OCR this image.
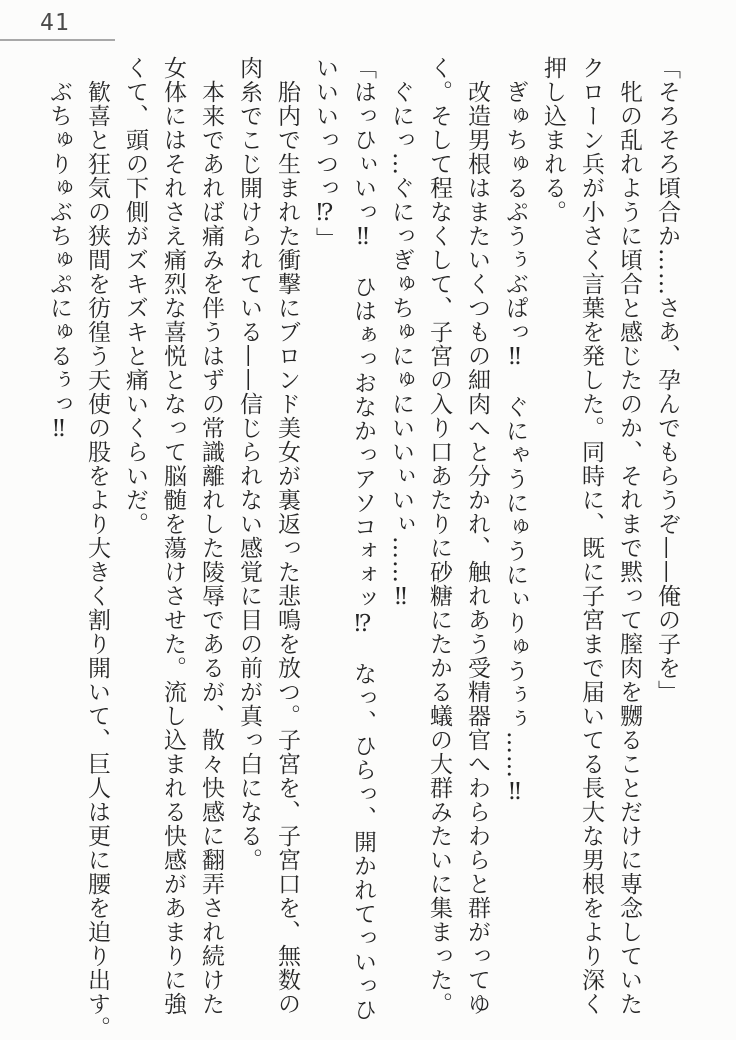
41
「そろそろ頃合か……さあ、孕んでもらうぞ——俺の子を」
　牝の乱れように頃合と感じたのか、それまで黙って膣肉を嬲ることだけに専念していた
クローン兵が小さく言葉を発した。同時に、既に子宮まで届いてる長大な男根をより深く
押し込まれる。
　ぎゅちゅるぷうぅぶぱっ‼　ぐにゃうにゅうにぃりゅうぅぅ……‼
　改造男根はまたいくつもの細肉へと分かれ、触れあう受精器官へわらわらと群がってゆ
く。そして程なくして、子宮の入り口あたりに砂糖にたかる蟻の大群みたいに集まった。
　ぐにっ…ぐにっぎゅちゅにゅにいいぃいぃ……‼
「はっひぃいっ‼　ひはぁっおなかっアソコォォッ⁉　なっ、ひらっ、開かれてっいっひ
いいいっつっ⁉」
　胎内で生まれた衝撃にブロンド美女が裏返った悲鳴を放つ。子宮を、子宮口を、無数の
肉糸でこじ開けられている——信じられない感覚に目の前が真っ白になる。
　本来であれば痛みを伴うはずの常識離れした陵辱であるが、散々快感に翻弄され続けた
女体にはそれさえ痛烈な喜悦となって脳髄を蕩けさせた。流し込まれる快感があまりに強
くて、頭の下側がズキズキと痛いくらいだ。
　歓喜と狂気の狭間を彷徨う天使の股をより大きく割り開いて、巨人は更に腰を迫り出す。
　ぶちゅりゅぶちゅぷにゅるぅっ‼
